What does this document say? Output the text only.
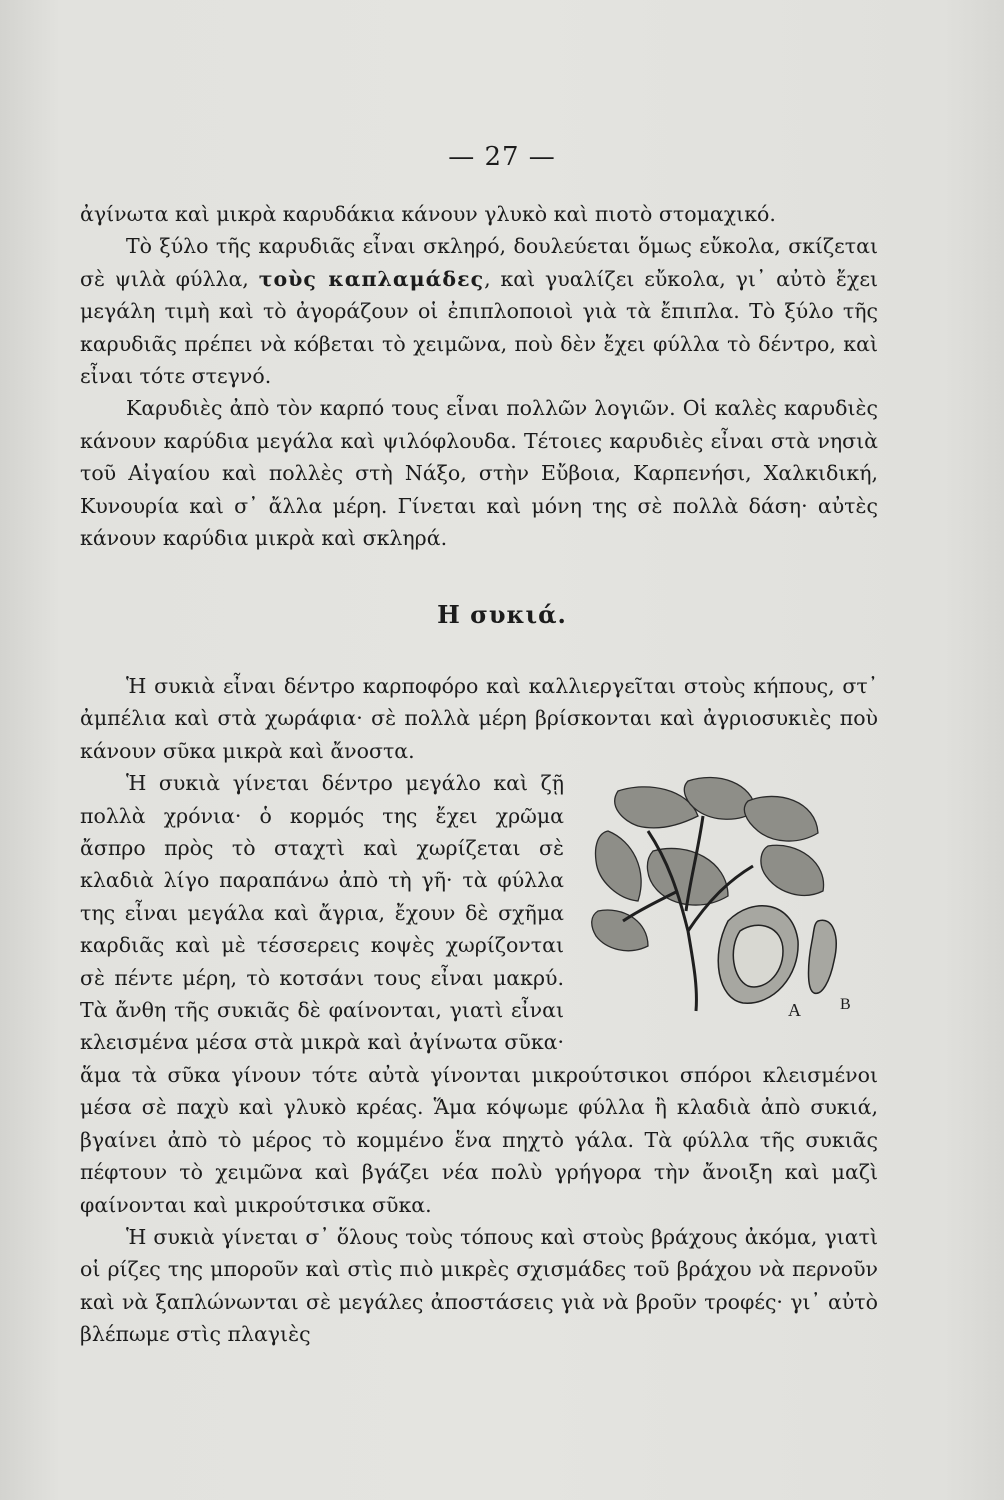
— 27 —

ἀγίνωτα καὶ μικρὰ καρυδάκια κάνουν γλυκὸ καὶ πιοτὸ στομαχικό.

Τὸ ξύλο τῆς καρυδιᾶς εἶναι σκληρό, δουλεύεται ὅμως εὔκολα, σκίζεται σὲ ψιλὰ φύλλα, τοὺς καπλαμάδες, καὶ γυαλίζει εὔκολα, γι᾽ αὐτὸ ἔχει μεγάλη τιμὴ καὶ τὸ ἀγοράζουν οἱ ἐπιπλοποιοὶ γιὰ τὰ ἔπιπλα. Τὸ ξύλο τῆς καρυδιᾶς πρέπει νὰ κόβεται τὸ χειμῶνα, ποὺ δὲν ἔχει φύλλα τὸ δέντρο, καὶ εἶναι τότε στεγνό.

Καρυδιὲς ἀπὸ τὸν καρπό τους εἶναι πολλῶν λογιῶν. Οἱ καλὲς καρυδιὲς κάνουν καρύδια μεγάλα καὶ ψιλόφλουδα. Τέτοιες καρυδιὲς εἶναι στὰ νησιὰ τοῦ Αἰγαίου καὶ πολλὲς στὴ Νάξο, στὴν Εὔβοια, Καρπενήσι, Χαλκιδική, Κυνουρία καὶ σ᾽ ἄλλα μέρη. Γίνεται καὶ μόνη της σὲ πολλὰ δάση· αὐτὲς κάνουν καρύδια μικρὰ καὶ σκληρά.

Η συκιά.

Ἡ συκιὰ εἶναι δέντρο καρποφόρο καὶ καλλιεργεῖται στοὺς κήπους, στ᾽ ἀμπέλια καὶ στὰ χωράφια· σὲ πολλὰ μέρη βρίσκονται καὶ ἀγριοσυκιὲς ποὺ κάνουν σῦκα μικρὰ καὶ ἄνοστα.

A B

Ἡ συκιὰ γίνεται δέντρο μεγάλο καὶ ζῇ πολλὰ χρόνια· ὁ κορμός της ἔχει χρῶμα ἄσπρο πρὸς τὸ σταχτὶ καὶ χωρίζεται σὲ κλαδιὰ λίγο παραπάνω ἀπὸ τὴ γῆ· τὰ φύλλα της εἶναι μεγάλα καὶ ἄγρια, ἔχουν δὲ σχῆμα καρδιᾶς καὶ μὲ τέσσερεις κοψὲς χωρίζονται σὲ πέντε μέρη, τὸ κοτσάνι τους εἶναι μακρύ. Τὰ ἄνθη τῆς συκιᾶς δὲ φαίνονται, γιατὶ εἶναι κλεισμένα μέσα στὰ μικρὰ καὶ ἀγίνωτα σῦκα· ἅμα τὰ σῦκα γίνουν τότε αὐτὰ γίνονται μικρούτσικοι σπόροι κλεισμένοι μέσα σὲ παχὺ καὶ γλυκὸ κρέας. Ἅμα κόψωμε φύλλα ἢ κλαδιὰ ἀπὸ συκιά, βγαίνει ἀπὸ τὸ μέρος τὸ κομμένο ἕνα πηχτὸ γάλα. Τὰ φύλλα τῆς συκιᾶς πέφτουν τὸ χειμῶνα καὶ βγάζει νέα πολὺ γρήγορα τὴν ἄνοιξη καὶ μαζὶ φαίνονται καὶ μικρούτσικα σῦκα.

Ἡ συκιὰ γίνεται σ᾽ ὅλους τοὺς τόπους καὶ στοὺς βράχους ἀκόμα, γιατὶ οἱ ρίζες της μποροῦν καὶ στὶς πιὸ μικρὲς σχισμάδες τοῦ βράχου νὰ περνοῦν καὶ νὰ ξαπλώνωνται σὲ μεγάλες ἀποστάσεις γιὰ νὰ βροῦν τροφές· γι᾽ αὐτὸ βλέπωμε στὶς πλαγιὲς
